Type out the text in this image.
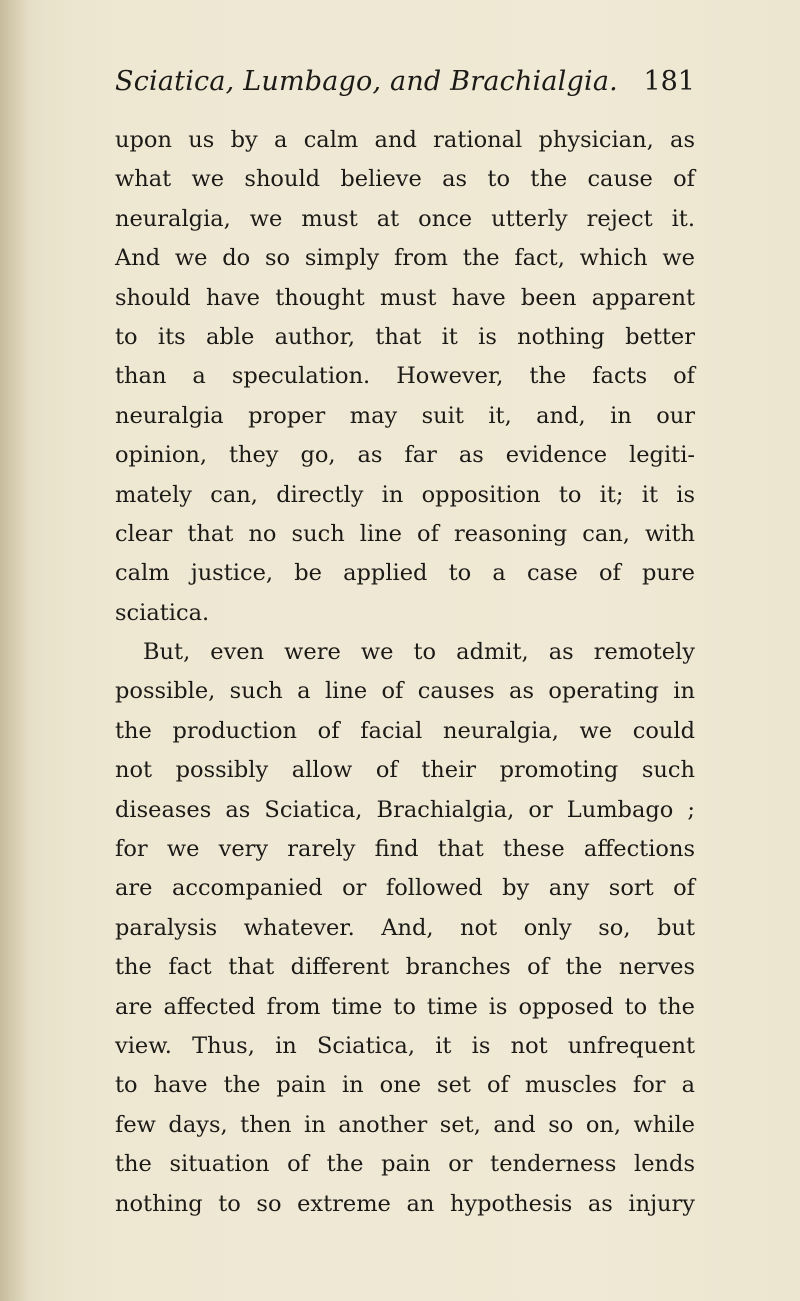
Sciatica, Lumbago, and Brachialgia. 181
upon us by a calm and rational physician, as
what we should believe as to the cause of
neuralgia, we must at once utterly reject it.
And we do so simply from the fact, which we
should have thought must have been apparent
to its able author, that it is nothing better
than a speculation. However, the facts of
neuralgia proper may suit it, and, in our
opinion, they go, as far as evidence legiti-
mately can, directly in opposition to it; it is
clear that no such line of reasoning can, with
calm justice, be applied to a case of pure
sciatica.
But, even were we to admit, as remotely
possible, such a line of causes as operating in
the production of facial neuralgia, we could
not possibly allow of their promoting such
diseases as Sciatica, Brachialgia, or Lumbago ;
for we very rarely find that these affections
are accompanied or followed by any sort of
paralysis whatever. And, not only so, but
the fact that different branches of the nerves
are affected from time to time is opposed to the
view. Thus, in Sciatica, it is not unfrequent
to have the pain in one set of muscles for a
few days, then in another set, and so on, while
the situation of the pain or tenderness lends
nothing to so extreme an hypothesis as injury
